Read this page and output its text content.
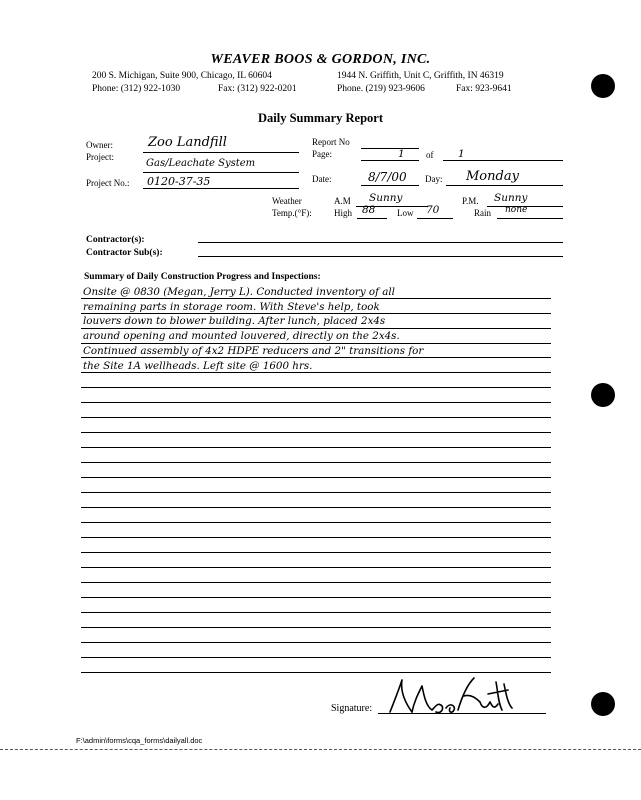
WEAVER BOOS & GORDON, INC.
200 S. Michigan, Suite 900, Chicago, IL 60604
Phone: (312) 922-1030	Fax: (312) 922-0201
1944 N. Griffith, Unit C, Griffith, IN 46319
Phone. (219) 923-9606	Fax: 923-9641
Daily Summary Report
Owner:	Zoo Landfill
Project:
Gas/Leachate System
Project No.: 0120-37-35
Report No
Page:	1 of 1
Date:	8/7/00 Day: Monday
Weather
Temp.(°F):
A.M Sunny	P.M. Sunny
High 88 Low 70	Rain none
Contractor(s):
Contractor Sub(s):
Summary of Daily Construction Progress and Inspections:
Onsite @ 0830 (Megan, Jerry L). Conducted inventory of all
remaining parts in storage room. With Steve's help, took
louvers down to blower building. After lunch, placed 2x4s
around opening and mounted louvered, directly on the 2x4s.
Continued assembly of 4x2 HDPE reducers and 2" transitions for
the Site 1A wellheads. Left site @ 1600 hrs.
Signature:
F:\admin\forms\cqa_forms\dailyall.doc
